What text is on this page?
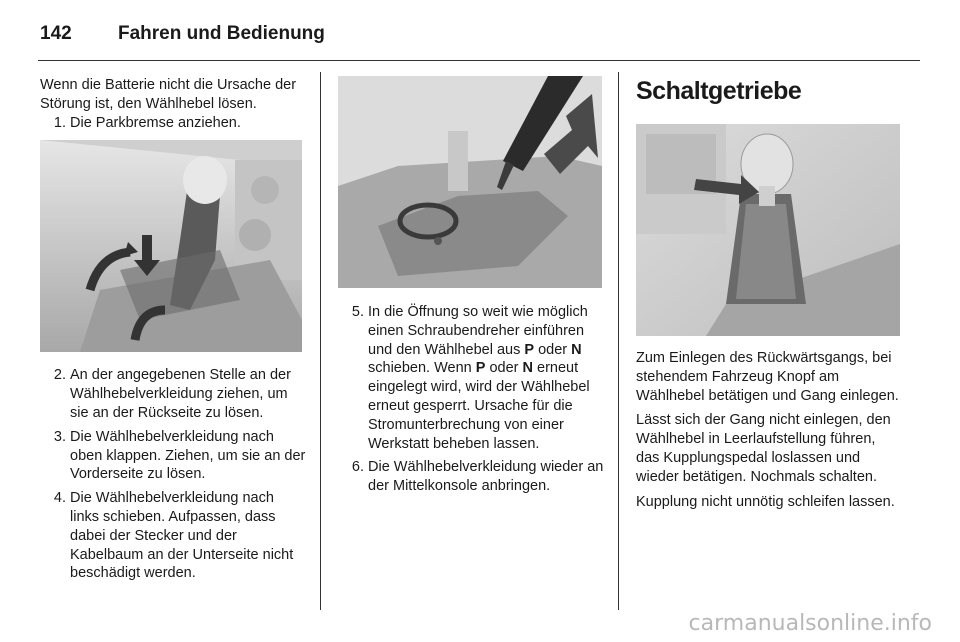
142	Fahren und Bedienung

Wenn die Batterie nicht die Ursache der Störung ist, den Wählhebel lösen.

1. Die Parkbremse anziehen.
2. An der angegebenen Stelle an der Wählhebelverkleidung ziehen, um sie an der Rückseite zu lösen.
3. Die Wählhebelverkleidung nach oben klappen. Ziehen, um sie an der Vorderseite zu lösen.
4. Die Wählhebelverkleidung nach links schieben. Aufpassen, dass dabei der Stecker und der Kabelbaum an der Unterseite nicht beschädigt werden.
5. In die Öffnung so weit wie möglich einen Schraubendreher einführen und den Wählhebel aus P oder N schieben. Wenn P oder N erneut eingelegt wird, wird der Wählhebel erneut gesperrt. Ursache für die Stromunterbrechung von einer Werkstatt beheben lassen.
6. Die Wählhebelverkleidung wieder an der Mittelkonsole anbringen.

Schaltgetriebe

Zum Einlegen des Rückwärtsgangs, bei stehendem Fahrzeug Knopf am Wählhebel betätigen und Gang einlegen.

Lässt sich der Gang nicht einlegen, den Wählhebel in Leerlaufstellung führen, das Kupplungspedal loslassen und wieder betätigen. Nochmals schalten.

Kupplung nicht unnötig schleifen lassen.

carmanualsonline.info
